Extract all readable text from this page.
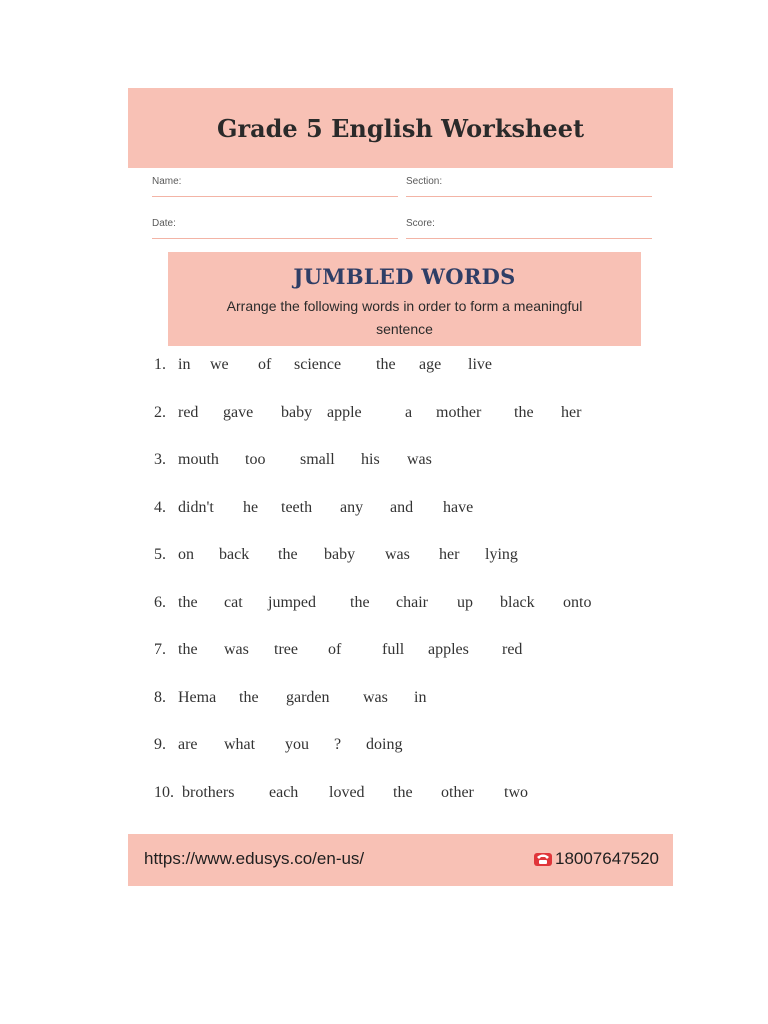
Grade 5 English Worksheet
Name:	Section:
Date:	Score:
JUMBLED WORDS

Arrange the following words in order to form a meaningful sentence

1. in we of science the age live
2. red gave baby apple	a mother the her
3. mouth too small his was
4. didn't he teeth any and have
5. on back the baby was her lying
6. the cat jumped the chair up black onto
7. the was tree of	full apples red
8. Hema the garden was in
9. are what you ? doing
10. brothers each loved the other two
https://www.edusys.co/en-us/	18007647520
